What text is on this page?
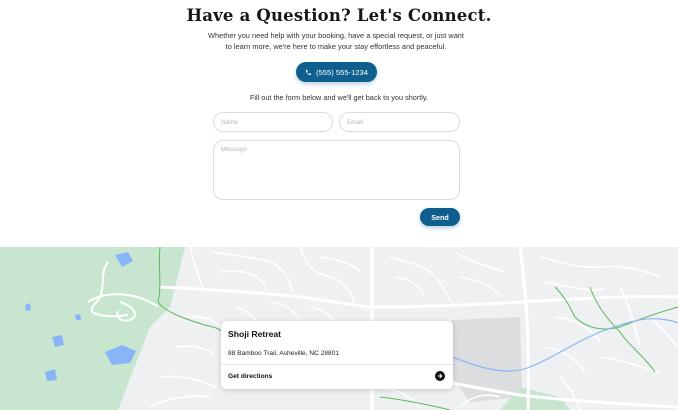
Have a Question? Let's Connect.

Whether you need help with your booking, have a special request, or just want to learn more, we're here to make your stay effortless and peaceful.

(555) 555-1234

Fill out the form below and we'll get back to you shortly.

Name
Email
Message
Send
Shoji Retreat
88 Bamboo Trail, Asheville, NC 28801
Get directions
